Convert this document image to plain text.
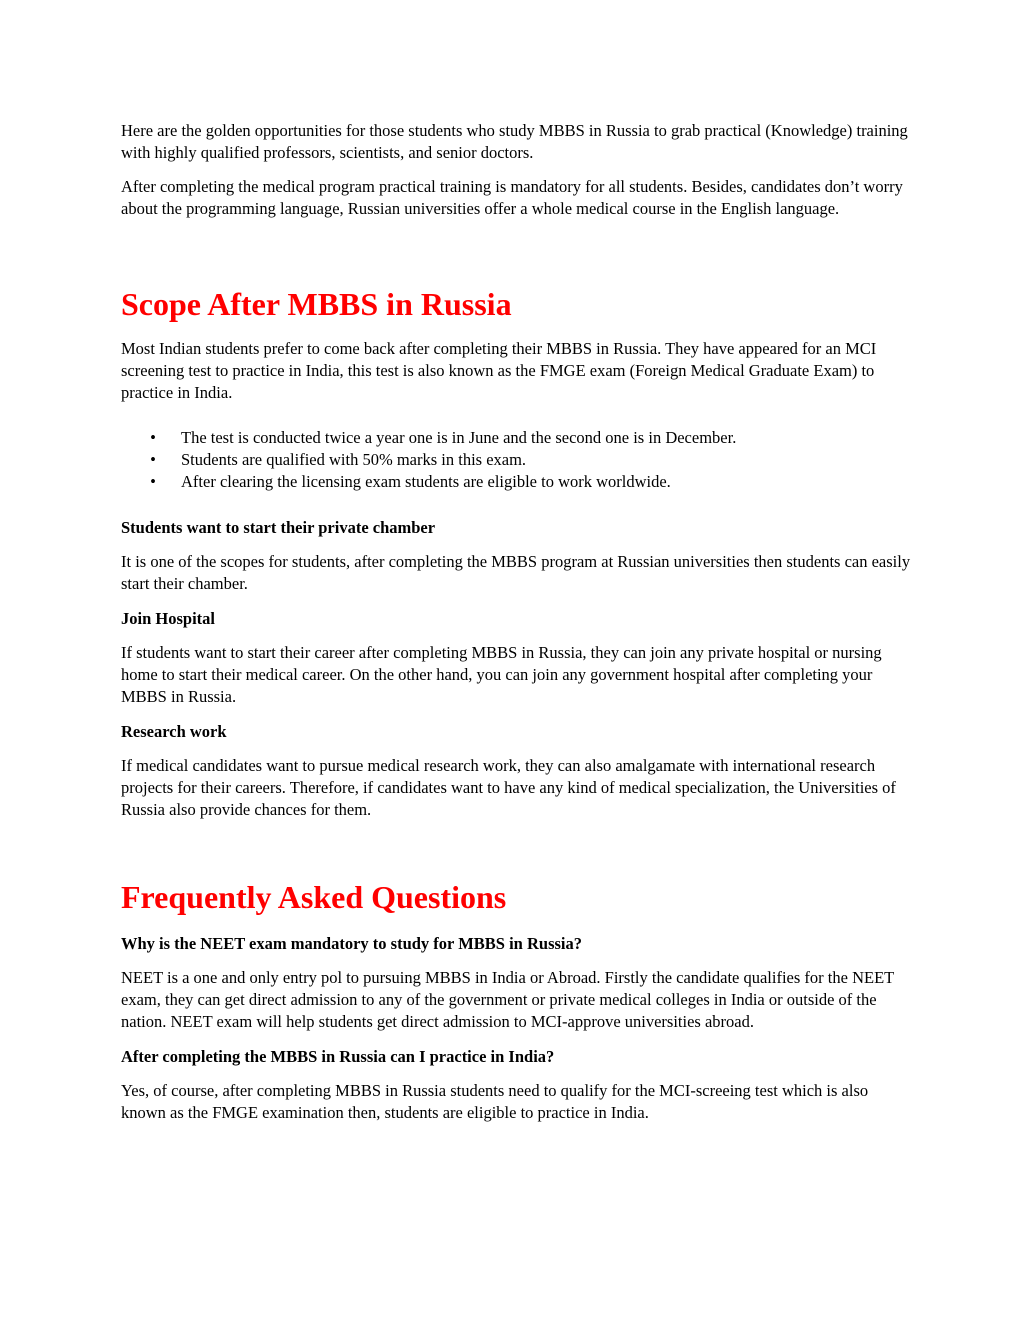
Here are the golden opportunities for those students who study MBBS in Russia to grab practical (Knowledge) training with highly qualified professors, scientists, and senior doctors.

After completing the medical program practical training is mandatory for all students. Besides, candidates don’t worry about the programming language, Russian universities offer a whole medical course in the English language.

Scope After MBBS in Russia

Most Indian students prefer to come back after completing their MBBS in Russia. They have appeared for an MCI screening test to practice in India, this test is also known as the FMGE exam (Foreign Medical Graduate Exam) to practice in India.

• The test is conducted twice a year one is in June and the second one is in December.
• Students are qualified with 50% marks in this exam.
• After clearing the licensing exam students are eligible to work worldwide.
Students want to start their private chamber

It is one of the scopes for students, after completing the MBBS program at Russian universities then students can easily start their chamber.

Join Hospital

If students want to start their career after completing MBBS in Russia, they can join any private hospital or nursing home to start their medical career. On the other hand, you can join any government hospital after completing your MBBS in Russia.

Research work

If medical candidates want to pursue medical research work, they can also amalgamate with international research projects for their careers. Therefore, if candidates want to have any kind of medical specialization, the Universities of Russia also provide chances for them.

Frequently Asked Questions
Why is the NEET exam mandatory to study for MBBS in Russia?

NEET is a one and only entry pol to pursuing MBBS in India or Abroad. Firstly the candidate qualifies for the NEET exam, they can get direct admission to any of the government or private medical colleges in India or outside of the nation. NEET exam will help students get direct admission to MCI-approve universities abroad.

After completing the MBBS in Russia can I practice in India?

Yes, of course, after completing MBBS in Russia students need to qualify for the MCI-screeing test which is also known as the FMGE examination then, students are eligible to practice in India.
